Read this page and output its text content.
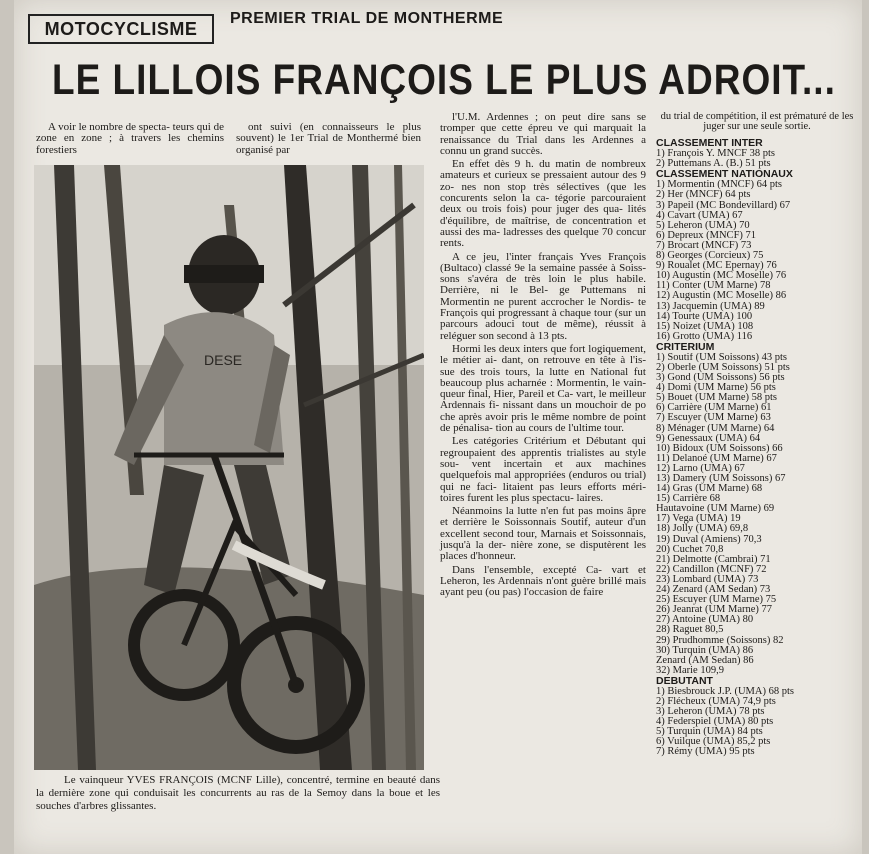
MOTOCYCLISME
PREMIER TRIAL DE MONTHERME
LE LILLOIS FRANÇOIS LE PLUS ADROIT...

A voir le nombre de specta- teurs qui de zone en zone ; à travers les chemins forestiers

ont suivi (en connaisseurs le plus souvent) le 1er Trial de Monthermé bien organisé par

DESE

Le vainqueur YVES FRANÇOIS (MCNF Lille), concentré, termine en beauté dans la dernière zone qui conduisait les concurrents au ras de la Semoy dans la boue et les souches d'arbres glissantes.

l'U.M. Ardennes ; on peut dire sans se tromper que cette épreu ve qui marquait la renaissance du Trial dans les Ardennes a connu un grand succès.

En effet dès 9 h. du matin de nombreux amateurs et curieux se pressaient autour des 9 zo- nes non stop très sélectives (que les concurents selon la ca- tégorie parcouraient deux ou trois fois) pour juger des qua- lités d'équilibre, de maîtrise, de concentration et aussi des ma- ladresses des quelque 70 concur rents.

A ce jeu, l'inter français Yves François (Bultaco) classé 9e la semaine passée à Soiss- sons s'avéra de très loin le plus habile. Derrière, ni le Bel- ge Puttemans ni Mormentin ne purent accrocher le Nordis- te François qui progressant à chaque tour (sur un parcours adouci tout de même), réussit à reléguer son second à 13 pts.

Hormi les deux inters que fort logiquement, le métier ai- dant, on retrouve en tête à l'is- sue des trois tours, la lutte en National fut beaucoup plus acharnée : Mormentin, le vain- queur final, Hier, Pareil et Ca- vart, le meilleur Ardennais fi- nissant dans un mouchoir de po che après avoir pris le même nombre de point de pénalisa- tion au cours de l'ultime tour.

Les catégories Critérium et Débutant qui regroupaient des apprentis trialistes au style sou- vent incertain et aux machines quelquefois mal appropriées (enduros ou trial) qui ne faci- litaient pas leurs efforts méri- toires furent les plus spectacu- laires.

Néanmoins la lutte n'en fut pas moins âpre et derrière le Soissonnais Soutif, auteur d'un excellent second tour, Marnais et Soissonnais, jusqu'à la der- nière zone, se disputèrent les places d'honneur.

Dans l'ensemble, excepté Ca- vart et Leheron, les Ardennais n'ont guère brillé mais ayant peu (ou pas) l'occasion de faire

du trial de compétition, il est prématuré de les juger sur une seule sortie.

CLASSEMENT INTER
1) François Y. MNCF 38 pts
2) Puttemans A. (B.) 51 pts
CLASSEMENT NATIONAUX
1) Mormentin (MNCF) 64 pts
2) Her (MNCF) 64 pts
3) Papeil (MC Bondevillard) 67
4) Cavart (UMA) 67
5) Leheron (UMA) 70
6) Depreux (MNCF) 71
7) Brocart (MNCF) 73
8) Georges (Corcieux) 75
9) Roualet (MC Epernay) 76
10) Augustin (MC Moselle) 76
11) Conter (UM Marne) 78
12) Augustin (MC Moselle) 86
13) Jacquemin (UMA) 89
14) Tourte (UMA) 100
15) Noizet (UMA) 108
16) Grotto (UMA) 116
CRITERIUM
1) Soutif (UM Soissons) 43 pts
2) Oberle (UM Soissons) 51 pts
3) Gond (UM Soissons) 56 pts
4) Domi (UM Marne) 56 pts
5) Bouet (UM Marne) 58 pts
6) Carrière (UM Marne) 61
7) Escuyer (UM Marne) 63
8) Ménager (UM Marne) 64
9) Genessaux (UMA) 64
10) Bidoux (UM Soissons) 66
11) Delanoé (UM Marne) 67
12) Larno (UMA) 67
13) Damery (UM Soissons) 67
14) Gras (UM Marne) 68
15) Carrière 68
Hautavoine (UM Marne) 69
17) Vega (UMA) 19
18) Jolly (UMA) 69,8
19) Duval (Amiens) 70,3
20) Cuchet 70,8
21) Delmotte (Cambrai) 71
22) Candillon (MCNF) 72
23) Lombard (UMA) 73
24) Zenard (AM Sedan) 73
25) Escuyer (UM Marne) 75
26) Jeanrat (UM Marne) 77
27) Antoine (UMA) 80
28) Raguet 80,5
29) Prudhomme (Soissons) 82
30) Turquin (UMA) 86
Zenard (AM Sedan) 86
32) Marie 109,9
DEBUTANT
1) Biesbrouck J.P. (UMA) 68 pts
2) Flécheux (UMA) 74,9 pts
3) Leheron (UMA) 78 pts
4) Federspiel (UMA) 80 pts
5) Turquin (UMA) 84 pts
6) Vuilque (UMA) 85,2 pts
7) Rémy (UMA) 95 pts
